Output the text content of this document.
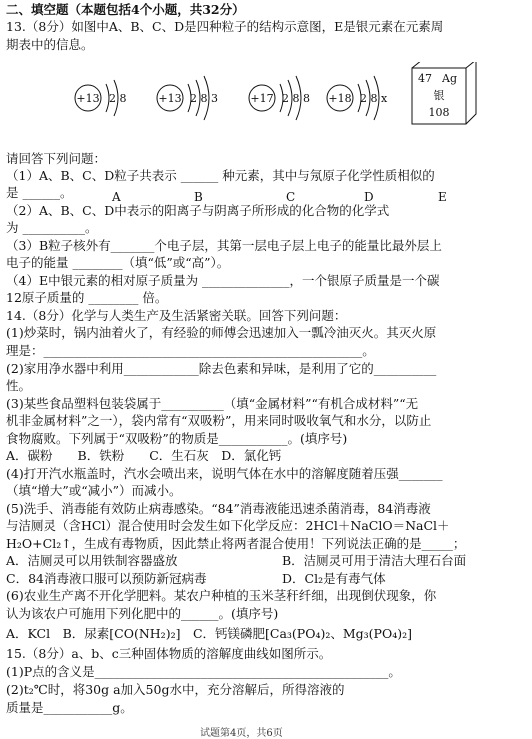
二、填空题（本题包括4个小题，共32分）
13.（8分）如图中A、B、C、D是四种粒子的结构示意图，E是银元素在元素周
期表中的信息。
+13 2 8	+13 2 8 3	+17 2 8 8 +18 2 8 x
47 Ag
银
108
A	B	C	D	E
请回答下列问题：
（1）A、B、C、D粒子共表示 ______ 种元素，其中与氖原子化学性质相似的
是 ______。
（2）A、B、C、D中表示的阳离子与阴离子所形成的化合物的化学式
为 __________。
（3）B粒子核外有_______个电子层，其第一层电子层上电子的能量比最外层上
电子的能量 ________（填“低”或“高”）。
（4）E中银元素的相对原子质量为 ______________，一个银原子质量是一个碳
12原子质量的 ________ 倍。
14.（8分）化学与人类生产及生活紧密关联。回答下列问题：
(1)炒菜时，锅内油着火了，有经验的师傅会迅速加入一瓢冷油灭火。其灭火原
理是：___________________________________________________。
(2)家用净水器中利用____________除去色素和异味，是利用了它的__________
性。
(3)某些食品塑料包装袋属于__________（填“金属材料”“有机合成材料”“无
机非金属材料”之一），袋内常有“双吸粉”，用来同时吸收氧气和水分，以防止
食物腐败。下列属于“双吸粉”的物质是___________。(填序号)
A．碳粉　　B．铁粉　　C．生石灰　D．氯化钙
(4)打开汽水瓶盖时，汽水会喷出来，说明气体在水中的溶解度随着压强_______
（填“增大”或“减小”）而减小。
(5)洗手、消毒能有效防止病毒感染。“84”消毒液能迅速杀菌消毒，84消毒液
与洁厕灵（含HCl）混合使用时会发生如下化学反应：2HCl＋NaClO＝NaCl＋
H₂O+Cl₂↑，生成有毒物质，因此禁止将两者混合使用！下列说法正确的是_____；
A．洁厕灵可以用铁制容器盛放	B．洁厕灵可用于清洁大理石台面
C．84消毒液口服可以预防新冠病毒	D．Cl₂是有毒气体
(6)农业生产离不开化学肥料。某农户种植的玉米茎秆纤细，出现倒伏现象，你
认为该农户可施用下列化肥中的______。(填序号)
A．KCl　B．尿素[CO(NH₂)₂]　C．钙镁磷肥[Ca₃(PO₄)₂、Mg₃(PO₄)₂]
15.（8分）a、b、c三种固体物质的溶解度曲线如图所示。
(1)P点的含义是_______________________________________________。
(2)t₂℃时，将30g a加入50g水中，充分溶解后，所得溶液的
质量是___________g。
试题第4页，共6页
